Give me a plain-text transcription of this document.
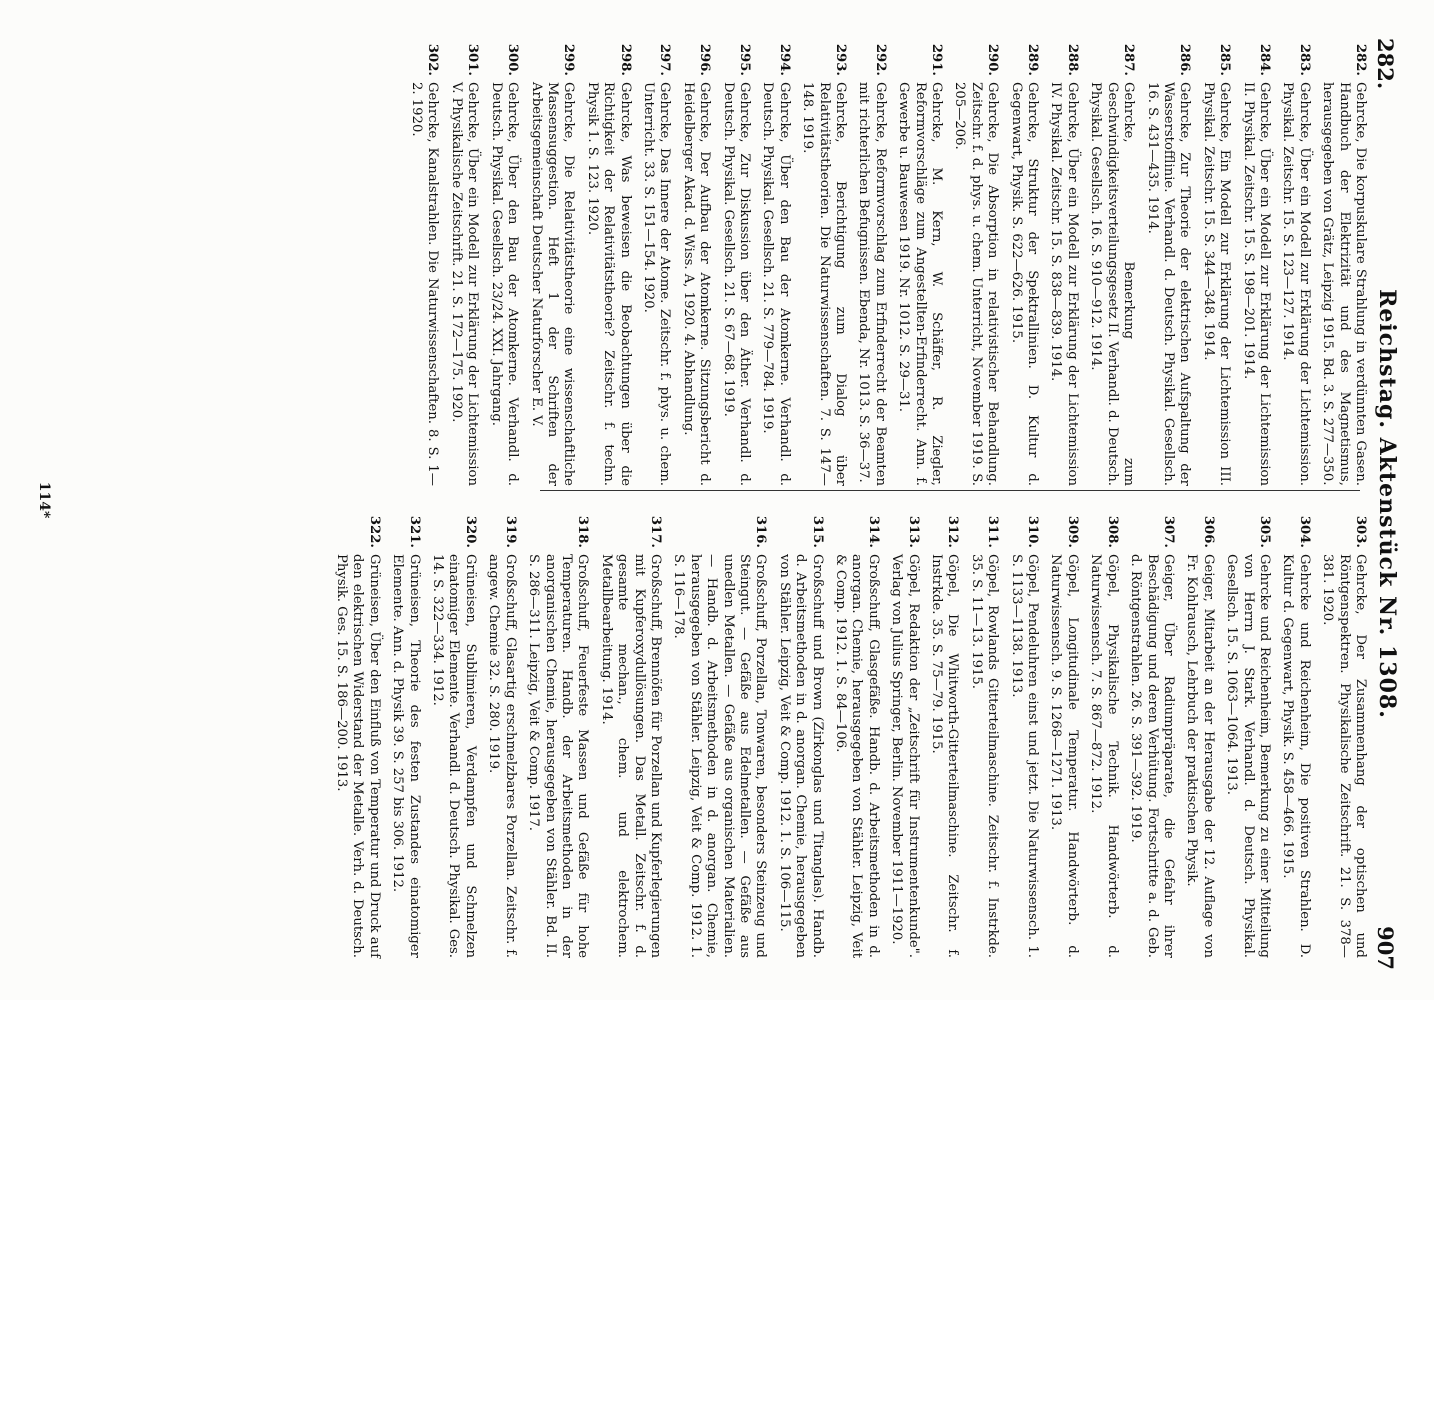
282.
Reichstag. Aktenstück Nr. 1308.
907
282.
Gehrcke, Die korpuskulare Strahlung in verdünnten Gasen. Handbuch der Elektrizität und des Magnetismus, herausgegeben von Grätz, Leipzig 1915. Bd. 3. S. 277—350.
283.
Gehrcke, Über ein Modell zur Erklärung der Lichtemission. Physikal. Zeitschr. 15. S. 123—127. 1914.
284.
Gehrcke, Über ein Modell zur Erklärung der Lichtemission II. Physikal. Zeitschr. 15. S. 198—201. 1914.
285.
Gehrcke, Ein Modell zur Erklärung der Lichtemission III. Physikal. Zeitschr. 15. S. 344—348. 1914.
286.
Gehrcke, Zur Theorie der elektrischen Aufspaltung der Wasserstofflinie. Verhandl. d. Deutsch. Physikal. Gesellsch. 16. S. 431—435. 1914.
287.
Gehrcke, Bemerkung zum Geschwindigkeitsverteilungsgesetz II. Verhandl. d. Deutsch. Physikal. Gesellsch. 16. S. 910—912. 1914.
288.
Gehrcke, Über ein Modell zur Erklärung der Lichtemission IV. Physikal. Zeitschr. 15. S. 838—839. 1914.
289.
Gehrcke, Struktur der Spektrallinien. D. Kultur d. Gegenwart, Physik. S. 622—626. 1915.
290.
Gehrcke, Die Absorption in relativistischer Behandlung. Zeitschr. f. d. phys. u. chem. Unterricht, November 1919. S. 205—206.
291.
Gehrcke, M. Kern, W. Schäffer, R. Ziegler, Reformvorschläge zum Angestellten-Erfinderrecht. Ann. f. Gewerbe u. Bauwesen 1919. Nr. 1012. S. 29—31.
292.
Gehrcke, Reformvorschlag zum Erfinderrecht der Beamten mit richterlichen Befugnissen. Ebenda, Nr. 1013. S. 36—37.
293.
Gehrcke, Berichtigung zum Dialog über Relativitätstheorien. Die Naturwissenschaften. 7. S. 147—148. 1919.
294.
Gehrcke, Über den Bau der Atomkerne. Verhandl. d. Deutsch. Physikal. Gesellsch. 21. S. 779—784. 1919.
295.
Gehrcke, Zur Diskussion über den Äther. Verhandl. d. Deutsch. Physikal. Gesellsch. 21. S. 67—68. 1919.
296.
Gehrcke, Der Aufbau der Atomkerne. Sitzungsbericht d. Heidelberger Akad. d. Wiss. A, 1920. 4. Abhandlung.
297.
Gehrcke, Das Innere der Atome. Zeitschr. f. phys. u. chem. Unterricht. 33. S. 151—154. 1920.
298.
Gehrcke, Was beweisen die Beobachtungen über die Richtigkeit der Relativitätstheorie? Zeitschr. f. techn. Physik 1. S. 123. 1920.
299.
Gehrcke, Die Relativitätstheorie eine wissenschaftliche Massensuggestion. Heft 1 der Schriften der Arbeitsgemeinschaft Deutscher Naturforscher E. V.
300.
Gehrcke, Über den Bau der Atomkerne. Verhandl. d. Deutsch. Physikal. Gesellsch. 23/24. XXI. Jahrgang.
301.
Gehrcke, Über ein Modell zur Erklärung der Lichtemission V. Physikalische Zeitschrift. 21. S. 172—175. 1920.
302.
Gehrcke, Kanalstrahlen. Die Naturwissenschaften. 8. S. 1—2. 1920.
303.
Gehrcke, Der Zusammenhang der optischen und Röntgenspektren. Physikalische Zeitschrift. 21. S. 378—381. 1920.
304.
Gehrcke und Reichenheim, Die positiven Strahlen. D. Kultur d. Gegenwart, Physik. S. 458—466. 1915.
305.
Gehrcke und Reichenheim, Bemerkung zu einer Mitteilung von Herrn J. Stark. Verhandl. d. Deutsch. Physikal. Gesellsch. 15. S. 1063—1064. 1913.
306.
Geiger, Mitarbeit an der Herausgabe der 12. Auflage von Fr. Kohlrausch, Lehrbuch der praktischen Physik.
307.
Geiger, Über Radiumpräparate, die Gefahr ihrer Beschädigung und deren Verhütung. Fortschritte a. d. Geb. d. Röntgenstrahlen. 26. S. 391—392. 1919.
308.
Göpel, Physikalische Technik. Handwörterb. d. Naturwissensch. 7. S. 867—872. 1912.
309.
Göpel, Longitudinale Temperatur. Handwörterb. d. Naturwissensch. 9. S. 1268—1271. 1913.
310.
Göpel, Pendeluhren einst und jetzt. Die Naturwissensch. 1. S. 1133—1138. 1913.
311.
Göpel, Rowlands Gitterteilmaschine. Zeitschr. f. Instrkde. 35. S. 11—13. 1915.
312.
Göpel, Die Whitworth-Gitterteilmaschine. Zeitschr. f. Instrkde. 35. S. 75—79. 1915.
313.
Göpel, Redaktion der „Zeitschrift für Instrumentenkunde". Verlag von Julius Springer, Berlin. November 1911—1920.
314.
Großschuff, Glasgefäße. Handb. d. Arbeitsmethoden in d. anorgan. Chemie, herausgegeben von Stähler. Leipzig, Veit & Comp. 1912. 1. S. 84—106.
315.
Großschuff und Brown (Zirkonglas und Titanglas). Handb. d. Arbeitsmethoden in d. anorgan. Chemie, herausgegeben von Stähler. Leipzig, Veit & Comp. 1912. 1. S. 106—115.
316.
Großschuff, Porzellan, Tonwaren, besonders Steinzeug und Steingut. — Gefäße aus Edelmetallen. — Gefäße aus unedlen Metallen. — Gefäße aus organischen Materialien. — Handb. d. Arbeitsmethoden in d. anorgan. Chemie, herausgegeben von Stähler. Leipzig, Veit & Comp. 1912. 1. S. 116—178.
317.
Großschuff, Brennöfen für Porzellan und Kupferlegierungen mit Kupferoxydullösungen. Das Metall. Zeitschr. f. d. gesamte mechan., chem. und elektrochem. Metallbearbeitung. 1914.
318.
Großschuff, Feuerfeste Massen und Gefäße für hohe Temperaturen. Handb. der Arbeitsmethoden in der anorganischen Chemie, herausgegeben von Stähler. Bd. II. S. 286—311. Leipzig, Veit & Comp. 1917.
319.
Großschuff, Glasartig erschmelzbares Porzellan. Zeitschr. f. angew. Chemie 32. S. 280. 1919.
320.
Grüneisen, Sublimieren, Verdampfen und Schmelzen einatomiger Elemente. Verhandl. d. Deutsch. Physikal. Ges. 14. S. 322—334. 1912.
321.
Grüneisen, Theorie des festen Zustandes einatomiger Elemente. Ann. d. Physik 39. S. 257 bis 306. 1912.
322.
Grüneisen, Über den Einfluß von Temperatur und Druck auf den elektrischen Widerstand der Metalle. Verh. d. Deutsch. Physik. Ges. 15. S. 186—200. 1913.
114*
